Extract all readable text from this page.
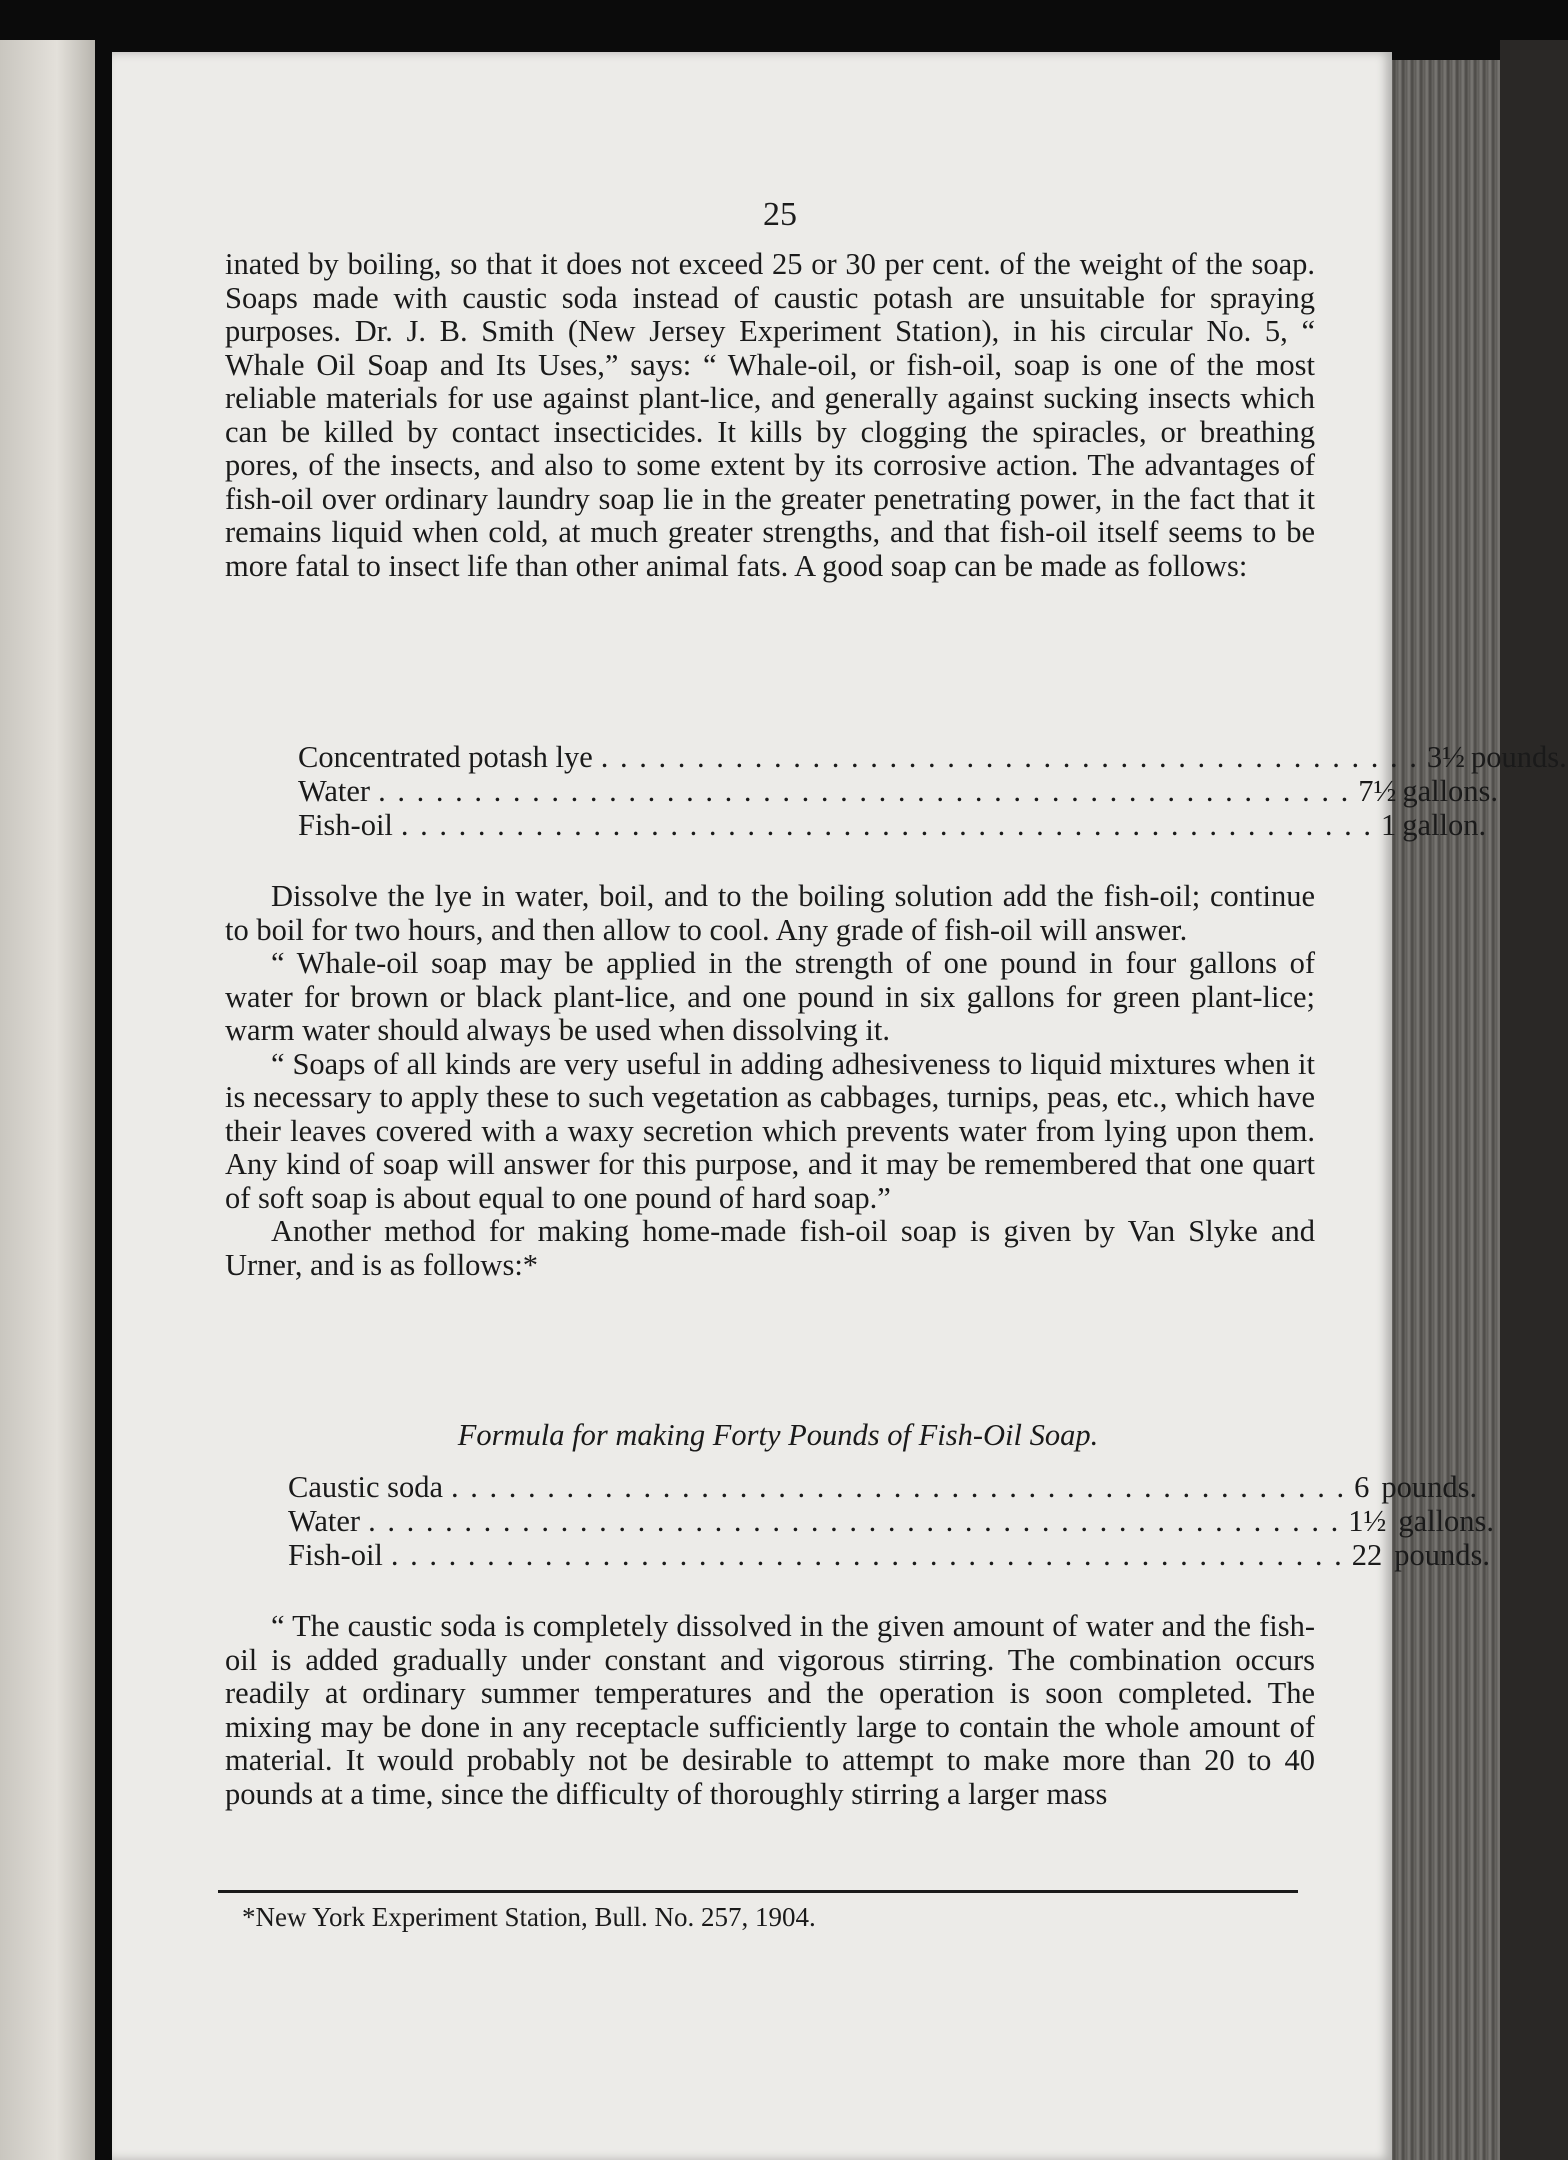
25

inated by boiling, so that it does not exceed 25 or 30 per cent. of the weight of the soap. Soaps made with caustic soda instead of caustic potash are unsuitable for spraying purposes. Dr. J. B. Smith (New Jersey Experiment Station), in his circular No. 5, “ Whale Oil Soap and Its Uses,” says: “ Whale-oil, or fish-oil, soap is one of the most reliable materials for use against plant-lice, and generally against sucking insects which can be killed by contact insecticides. It kills by clogging the spiracles, or breathing pores, of the insects, and also to some extent by its corrosive action. The advantages of fish-oil over ordinary laundry soap lie in the greater penetrating power, in the fact that it remains liquid when cold, at much greater strengths, and that fish-oil itself seems to be more fatal to insect life than other animal fats. A good soap can be made as follows:

Concentrated potash lye . . . . . . . . . . . . . . . . . . . . . . . . . . . . . . . . . . . . . . . . . . . 3½ pounds.
Water . . . . . . . . . . . . . . . . . . . . . . . . . . . . . . . . . . . . . . . . . . . . . . . . . . . 7½ gallons.
Fish-oil . . . . . . . . . . . . . . . . . . . . . . . . . . . . . . . . . . . . . . . . . . . . . . . . . . . 1 gallon.

Dissolve the lye in water, boil, and to the boiling solution add the fish-oil; continue to boil for two hours, and then allow to cool. Any grade of fish-oil will answer.

“ Whale-oil soap may be applied in the strength of one pound in four gallons of water for brown or black plant-lice, and one pound in six gallons for green plant-lice; warm water should always be used when dissolving it.

“ Soaps of all kinds are very useful in adding adhesiveness to liquid mixtures when it is necessary to apply these to such vegetation as cabbages, turnips, peas, etc., which have their leaves covered with a waxy secretion which prevents water from lying upon them. Any kind of soap will answer for this purpose, and it may be remembered that one quart of soft soap is about equal to one pound of hard soap.”

Another method for making home-made fish-oil soap is given by Van Slyke and Urner, and is as follows:*

Formula for making Forty Pounds of Fish-Oil Soap.
Caustic soda . . . . . . . . . . . . . . . . . . . . . . . . . . . . . . . . . . . . . . . . . . . . . . . 6 pounds.
Water . . . . . . . . . . . . . . . . . . . . . . . . . . . . . . . . . . . . . . . . . . . . . . . . . . . 1½ gallons.
Fish-oil . . . . . . . . . . . . . . . . . . . . . . . . . . . . . . . . . . . . . . . . . . . . . . . . . . 22 pounds.

“ The caustic soda is completely dissolved in the given amount of water and the fish-oil is added gradually under constant and vigorous stirring. The combination occurs readily at ordinary summer temperatures and the operation is soon completed. The mixing may be done in any receptacle sufficiently large to contain the whole amount of material. It would probably not be desirable to attempt to make more than 20 to 40 pounds at a time, since the difficulty of thoroughly stirring a larger mass

*New York Experiment Station, Bull. No. 257, 1904.
